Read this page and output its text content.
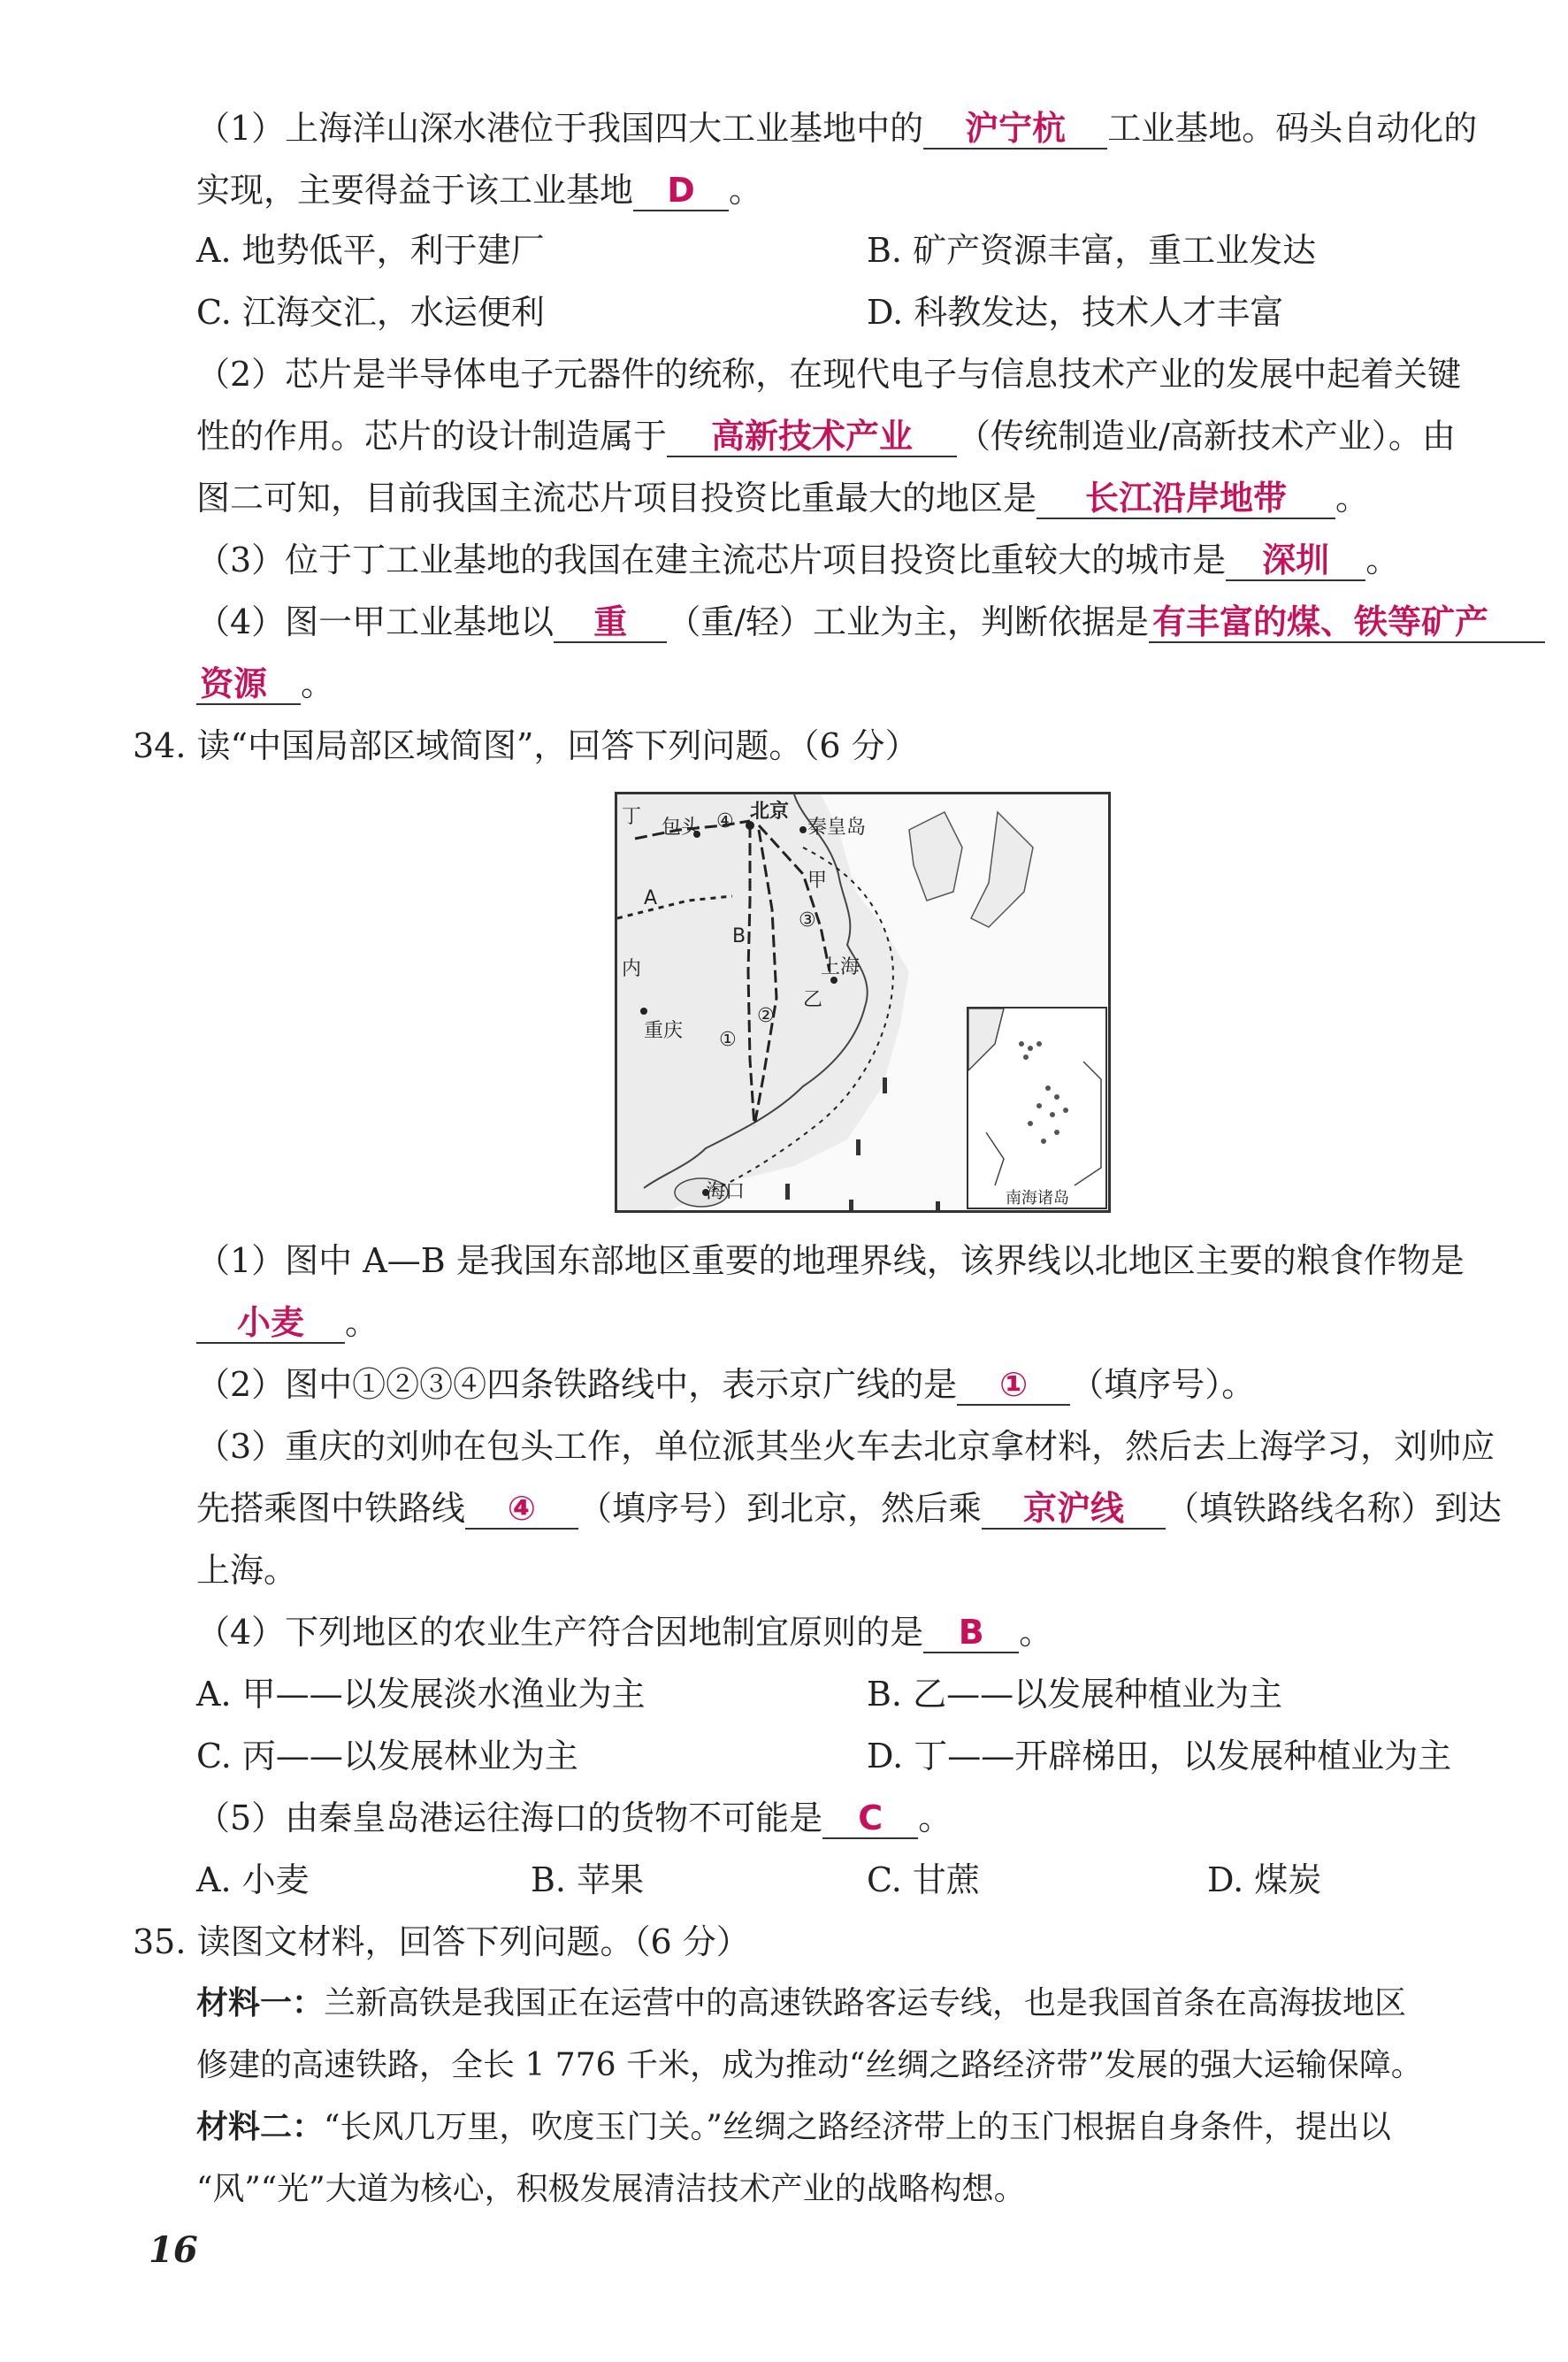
（1）上海洋山深水港位于我国四大工业基地中的 沪宁杭 工业基地。码头自动化的
实现，主要得益于该工业基地 D 。
A. 地势低平，利于建厂	B. 矿产资源丰富，重工业发达
C. 江海交汇，水运便利	D. 科教发达，技术人才丰富
（2）芯片是半导体电子元器件的统称，在现代电子与信息技术产业的发展中起着关键
性的作用。芯片的设计制造属于 高新技术产业 （传统制造业/高新技术产业）。由
图二可知，目前我国主流芯片项目投资比重最大的地区是 长江沿岸地带 。
（3）位于丁工业基地的我国在建主流芯片项目投资比重较大的城市是 深圳 。
（4）图一甲工业基地以 重 （重/轻）工业为主，判断依据是 有丰富的煤、铁等矿产
资源 。
34. 读“中国局部区域简图”，回答下列问题。（6 分）
丁 包头 ④ 北京
秦皇岛
甲
A
③
B
上海
内
乙
重庆 ①
②
海口	南海诸岛
（1）图中 A—B 是我国东部地区重要的地理界线，该界线以北地区主要的粮食作物是
小麦 。
（2）图中①②③④四条铁路线中，表示京广线的是 ① （填序号）。
（3）重庆的刘帅在包头工作，单位派其坐火车去北京拿材料，然后去上海学习，刘帅应
先搭乘图中铁路线 ④ （填序号）到北京，然后乘 京沪线 （填铁路线名称）到达
上海。
（4）下列地区的农业生产符合因地制宜原则的是 B 。
A. 甲——以发展淡水渔业为主	B. 乙——以发展种植业为主
C. 丙——以发展林业为主	D. 丁——开辟梯田，以发展种植业为主
（5）由秦皇岛港运往海口的货物不可能是 C 。
A. 小麦	B. 苹果	C. 甘蔗	D. 煤炭
35. 读图文材料，回答下列问题。（6 分）
材料一：兰新高铁是我国正在运营中的高速铁路客运专线，也是我国首条在高海拔地区
修建的高速铁路，全长 1 776 千米，成为推动“丝绸之路经济带”发展的强大运输保障。
材料二：“长风几万里，吹度玉门关。”丝绸之路经济带上的玉门根据自身条件，提出以
“风”“光”大道为核心，积极发展清洁技术产业的战略构想。
16
